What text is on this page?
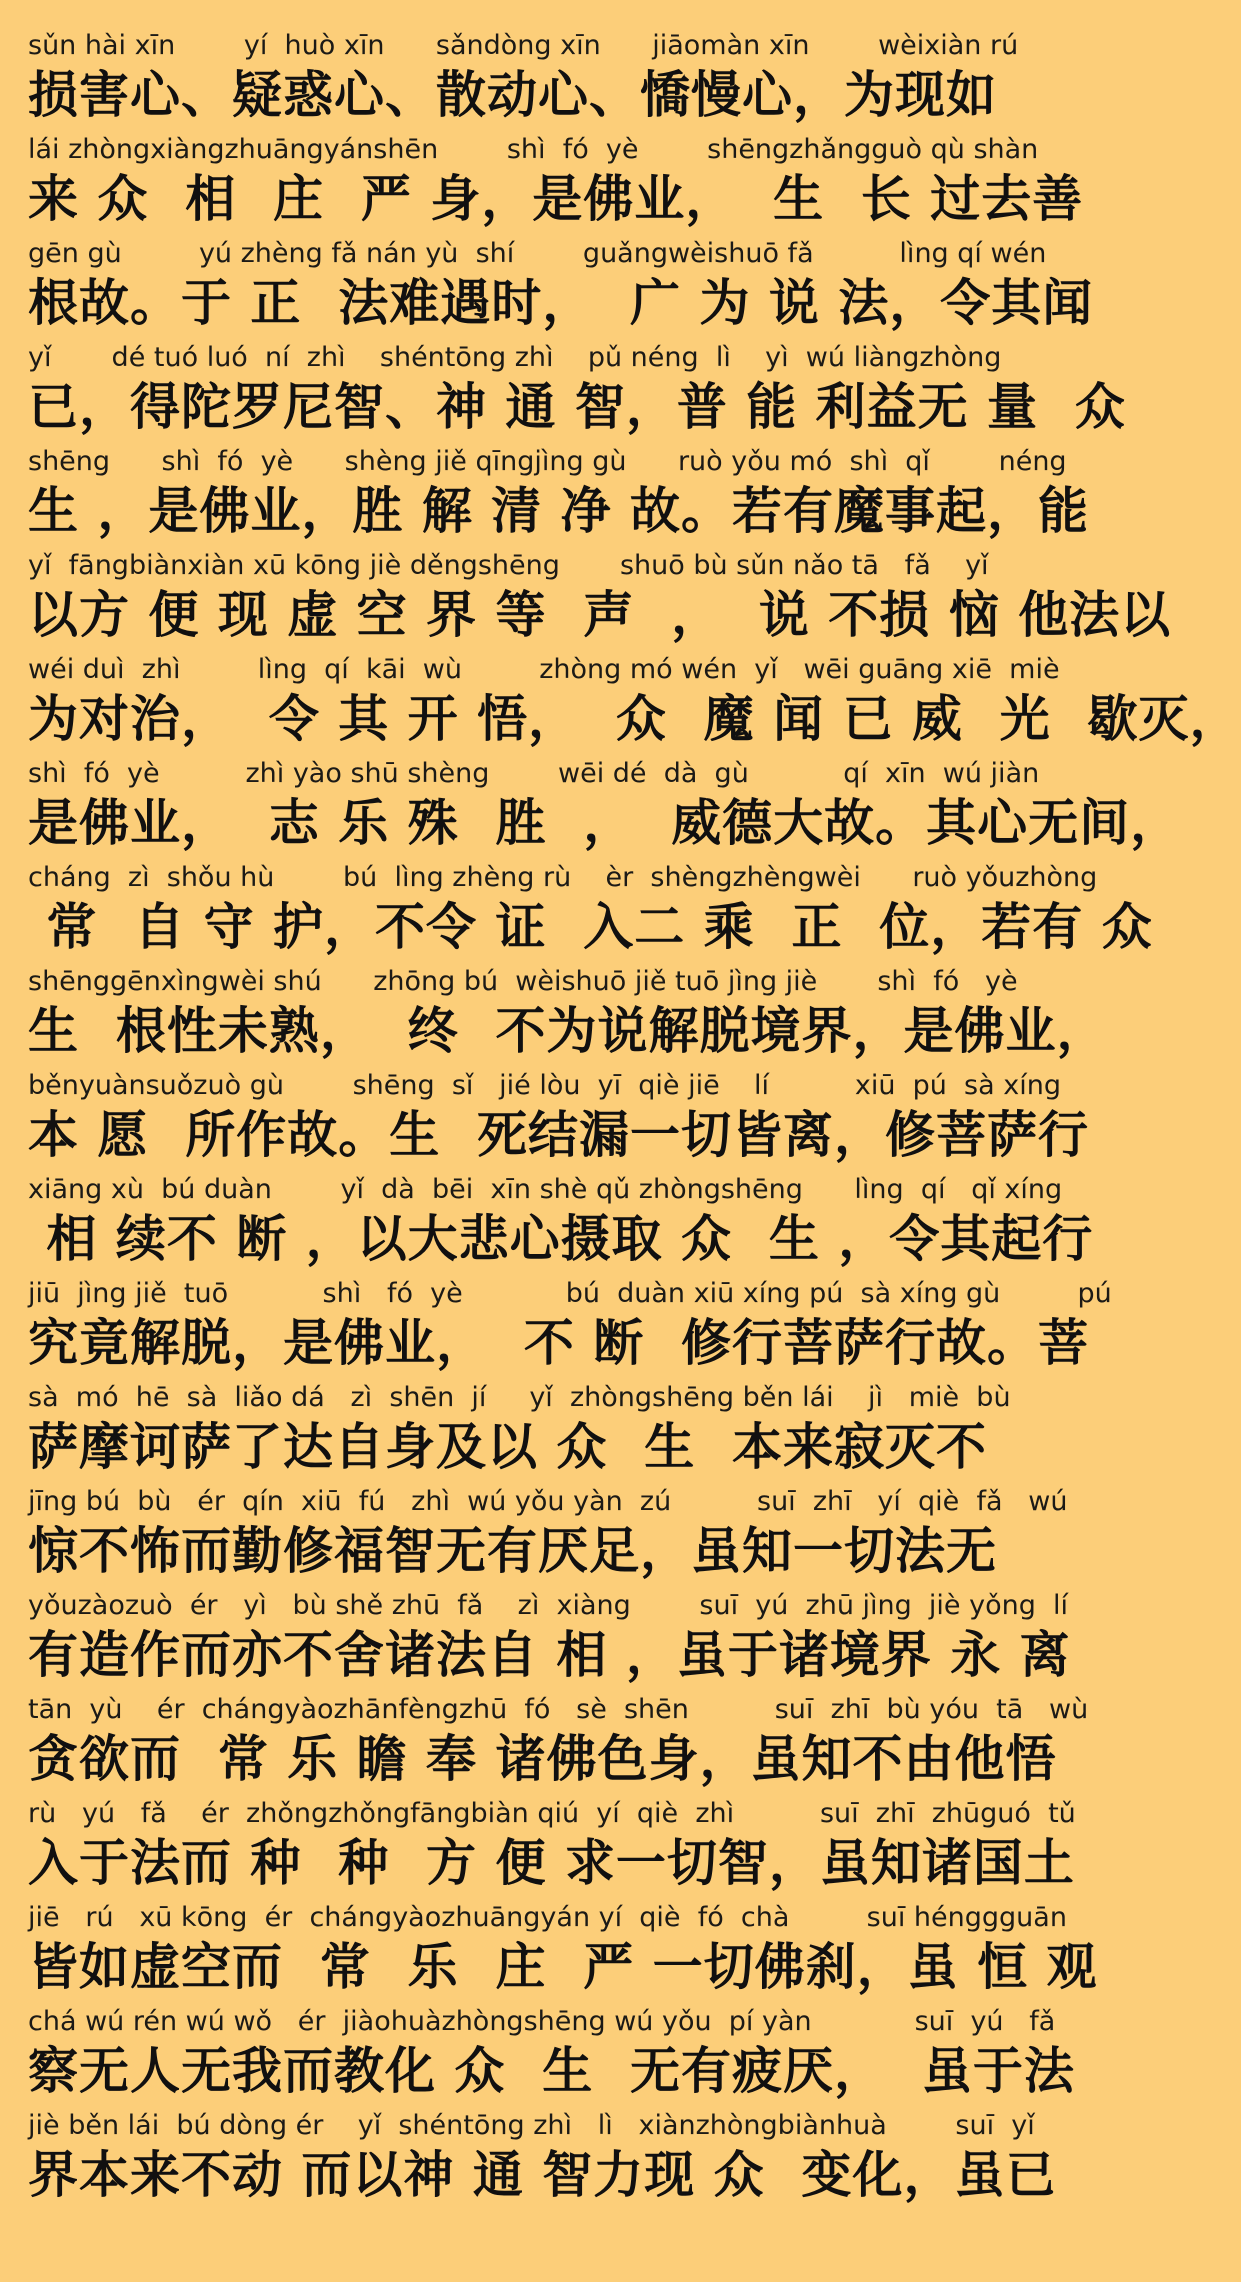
sǔn hài xīn        yí  huò xīn      sǎndòng xīn      jiāomàn xīn        wèixiàn rú
损害心、疑惑心、散动心、憍慢心，为现如
lái zhòngxiàngzhuāngyánshēn        shì  fó  yè        shēngzhǎngguò qù shàn
来 众  相  庄  严 身，是佛业，  生  长 过去善
gēn gù         yú zhèng fǎ nán yù  shí        guǎngwèishuō fǎ          lìng qí wén
根故。于 正  法难遇时，  广 为 说 法，令其闻
yǐ       dé tuó luó  ní  zhì    shéntōng zhì    pǔ néng  lì    yì  wú liàngzhòng
已，得陀罗尼智、神 通 智，普 能 利益无 量  众
shēng      shì  fó  yè      shèng jiě qīngjìng gù      ruò yǒu mó  shì  qǐ        néng
生 ，是佛业，胜 解 清 净 故。若有魔事起，能
yǐ  fāngbiànxiàn xū kōng jiè děngshēng       shuō bù sǔn nǎo tā   fǎ    yǐ
以方 便 现 虚 空 界 等  声  ，  说 不损 恼 他法以
wéi duì  zhì         lìng  qí  kāi  wù         zhòng mó wén  yǐ   wēi guāng xiē  miè
为对治，  令 其 开 悟，  众  魔 闻 已 威  光  歇灭，
shì  fó  yè          zhì yào shū shèng        wēi dé  dà  gù           qí  xīn  wú jiàn
是佛业，  志 乐 殊  胜  ，  威德大故。其心无间，
cháng  zì  shǒu hù        bú  lìng zhèng rù    èr  shèngzhèngwèi      ruò yǒuzhòng
常  自 守 护，不令 证  入二 乘  正  位，若有 众
shēnggēnxìngwèi shú      zhōng bú  wèishuō jiě tuō jìng jiè       shì  fó   yè
生  根性未熟，  终  不为说解脱境界，是佛业，
běnyuànsuǒzuò gù        shēng  sǐ   jié lòu  yī  qiè jiē    lí          xiū  pú  sà xíng
本 愿  所作故。生  死结漏一切皆离，修菩萨行
xiāng xù  bú duàn        yǐ  dà  bēi  xīn shè qǔ zhòngshēng      lìng  qí   qǐ xíng
相 续不 断 ，以大悲心摄取 众  生 ，令其起行
jiū  jìng jiě  tuō           shì   fó  yè            bú  duàn xiū xíng pú  sà xíng gù         pú
究竟解脱，是佛业，  不 断  修行菩萨行故。菩
sà  mó  hē  sà  liǎo dá   zì  shēn  jí     yǐ  zhòngshēng běn lái    jì   miè  bù
萨摩诃萨了达自身及以 众  生  本来寂灭不
jīng bú  bù   ér  qín  xiū  fú   zhì  wú yǒu yàn  zú          suī  zhī   yí  qiè  fǎ   wú
惊不怖而勤修福智无有厌足，虽知一切法无
yǒuzàozuò  ér   yì   bù shě zhū  fǎ    zì  xiàng        suī  yú  zhū jìng  jiè yǒng  lí
有造作而亦不舍诸法自 相 ，虽于诸境界 永 离
tān  yù    ér  chángyàozhānfèngzhū  fó   sè  shēn          suī  zhī  bù yóu  tā   wù
贪欲而  常 乐 瞻 奉 诸佛色身，虽知不由他悟
rù   yú   fǎ    ér  zhǒngzhǒngfāngbiàn qiú  yí  qiè  zhì          suī  zhī  zhūguó  tǔ
入于法而 种  种  方 便 求一切智，虽知诸国土
jiē   rú   xū kōng  ér  chángyàozhuāngyán yí  qiè  fó  chà         suī hénggguān
皆如虚空而  常  乐  庄  严 一切佛刹，虽 恒 观
chá wú rén wú wǒ   ér  jiàohuàzhòngshēng wú yǒu  pí yàn            suī  yú   fǎ
察无人无我而教化 众  生  无有疲厌，  虽于法
jiè běn lái  bú dòng ér    yǐ  shéntōng zhì   lì   xiànzhòngbiànhuà        suī  yǐ
界本来不动 而以神 通 智力现 众  变化，虽已
